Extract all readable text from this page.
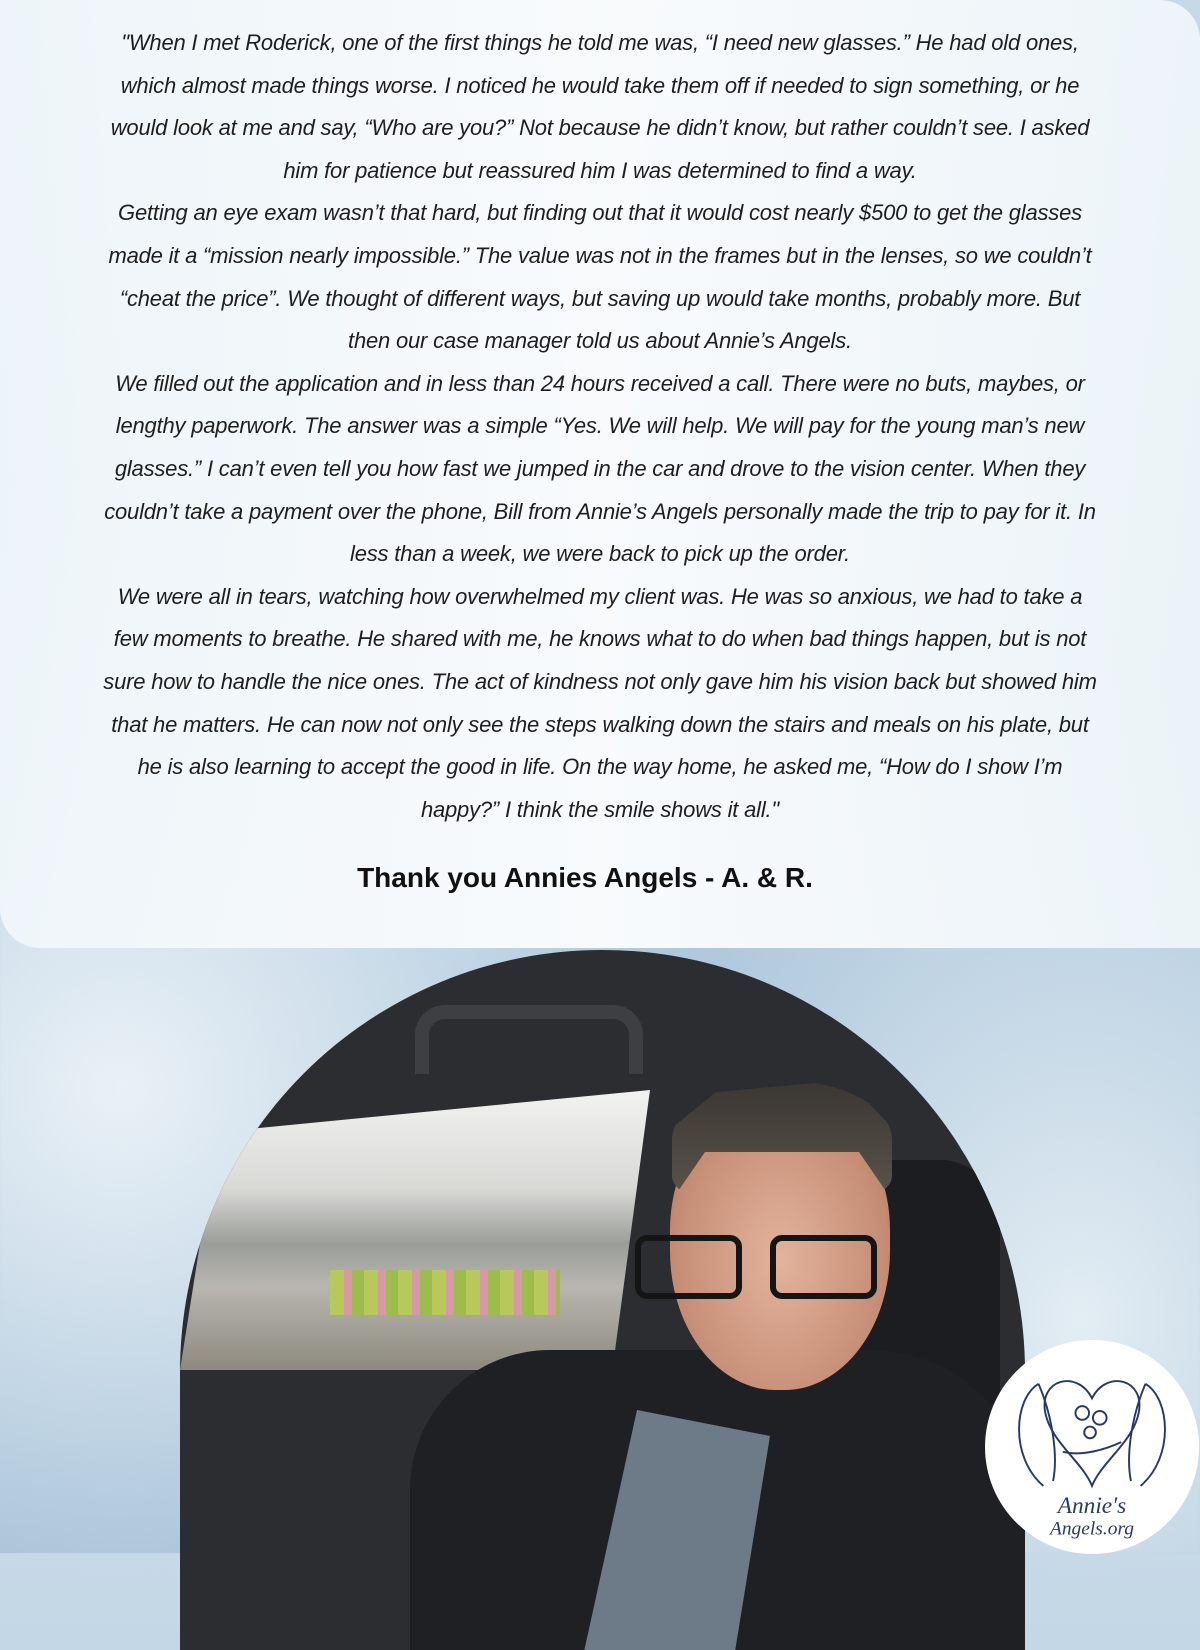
"When I met Roderick, one of the first things he told me was, “I need new glasses.” He had old ones,
which almost made things worse. I noticed he would take them off if needed to sign something, or he
would look at me and say, “Who are you?” Not because he didn’t know, but rather couldn’t see. I asked
him for patience but reassured him I was determined to find a way.
Getting an eye exam wasn’t that hard, but finding out that it would cost nearly $500 to get the glasses
made it a “mission nearly impossible.” The value was not in the frames but in the lenses, so we couldn’t
“cheat the price”. We thought of different ways, but saving up would take months, probably more. But
then our case manager told us about Annie’s Angels.
We filled out the application and in less than 24 hours received a call. There were no buts, maybes, or
lengthy paperwork. The answer was a simple “Yes. We will help. We will pay for the young man’s new
glasses.” I can’t even tell you how fast we jumped in the car and drove to the vision center. When they
couldn’t take a payment over the phone, Bill from Annie’s Angels personally made the trip to pay for it. In
less than a week, we were back to pick up the order.
We were all in tears, watching how overwhelmed my client was. He was so anxious, we had to take a
few moments to breathe. He shared with me, he knows what to do when bad things happen, but is not
sure how to handle the nice ones. The act of kindness not only gave him his vision back but showed him
that he matters. He can now not only see the steps walking down the stairs and meals on his plate, but
he is also learning to accept the good in life. On the way home, he asked me, “How do I show I’m
happy?” I think the smile shows it all."
Thank you Annies Angels - A. & R.
Annie's
Angels.org
